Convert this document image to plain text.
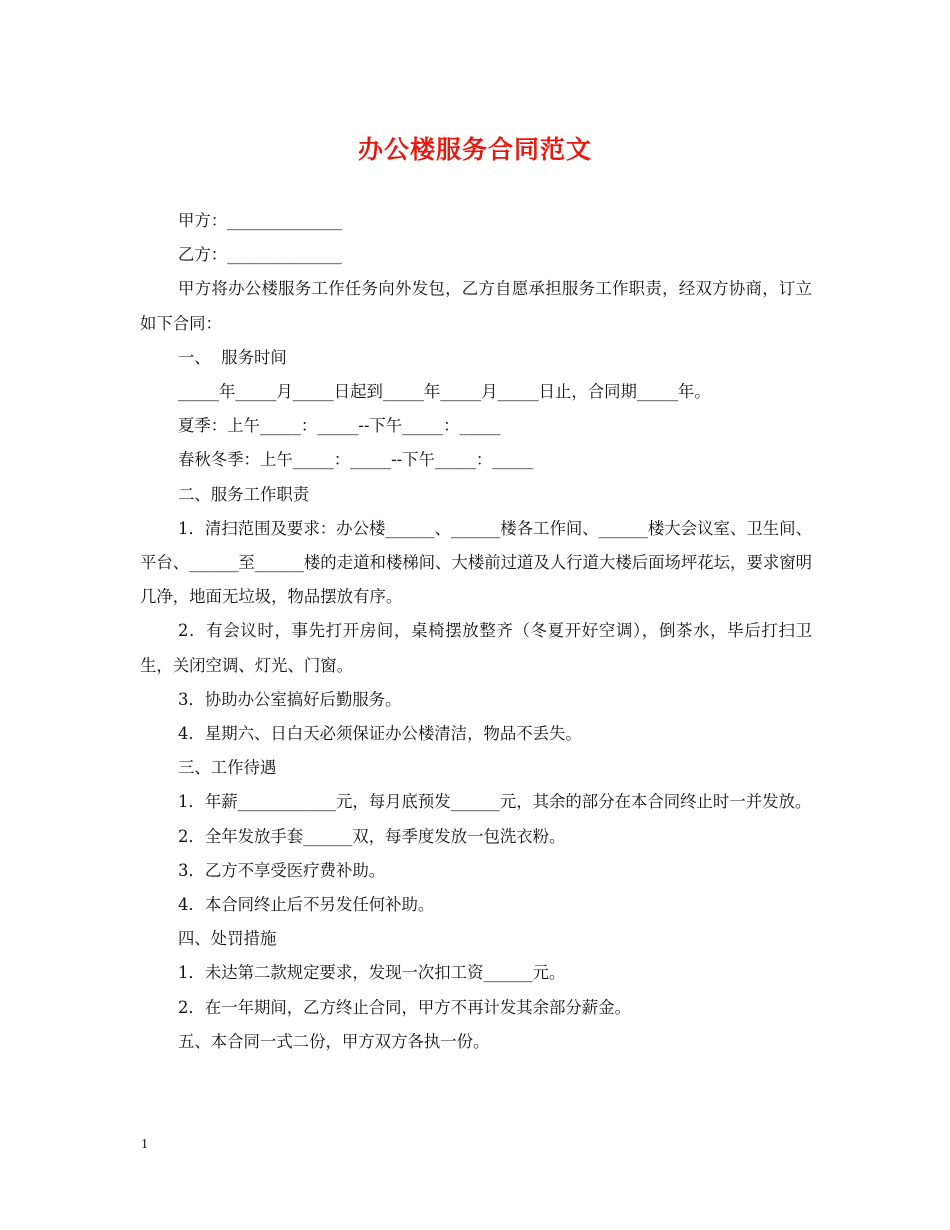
办公楼服务合同范文

甲方：______________

乙方：______________

甲方将办公楼服务工作任务向外发包，乙方自愿承担服务工作职责，经双方协商，订立如下合同：

一、  服务时间

_____年_____月_____日起到_____年_____月_____日止，合同期_____年。

夏季：上午_____：_____--下午_____：_____

春秋冬季：上午_____：_____--下午_____：_____

二、服务工作职责

1．清扫范围及要求：办公楼______、______楼各工作间、______楼大会议室、卫生间、平台、______至______楼的走道和楼梯间、大楼前过道及人行道大楼后面场坪花坛，要求窗明几净，地面无垃圾，物品摆放有序。

2．有会议时，事先打开房间，桌椅摆放整齐（冬夏开好空调），倒茶水，毕后打扫卫生，关闭空调、灯光、门窗。

3．协助办公室搞好后勤服务。

4．星期六、日白天必须保证办公楼清洁，物品不丢失。

三、工作待遇

1．年薪____________元，每月底预发______元，其余的部分在本合同终止时一并发放。

2．全年发放手套______双，每季度发放一包洗衣粉。

3．乙方不享受医疗费补助。

4．本合同终止后不另发任何补助。

四、处罚措施

1．未达第二款规定要求，发现一次扣工资______元。

2．在一年期间，乙方终止合同，甲方不再计发其余部分薪金。

五、本合同一式二份，甲方双方各执一份。

1
